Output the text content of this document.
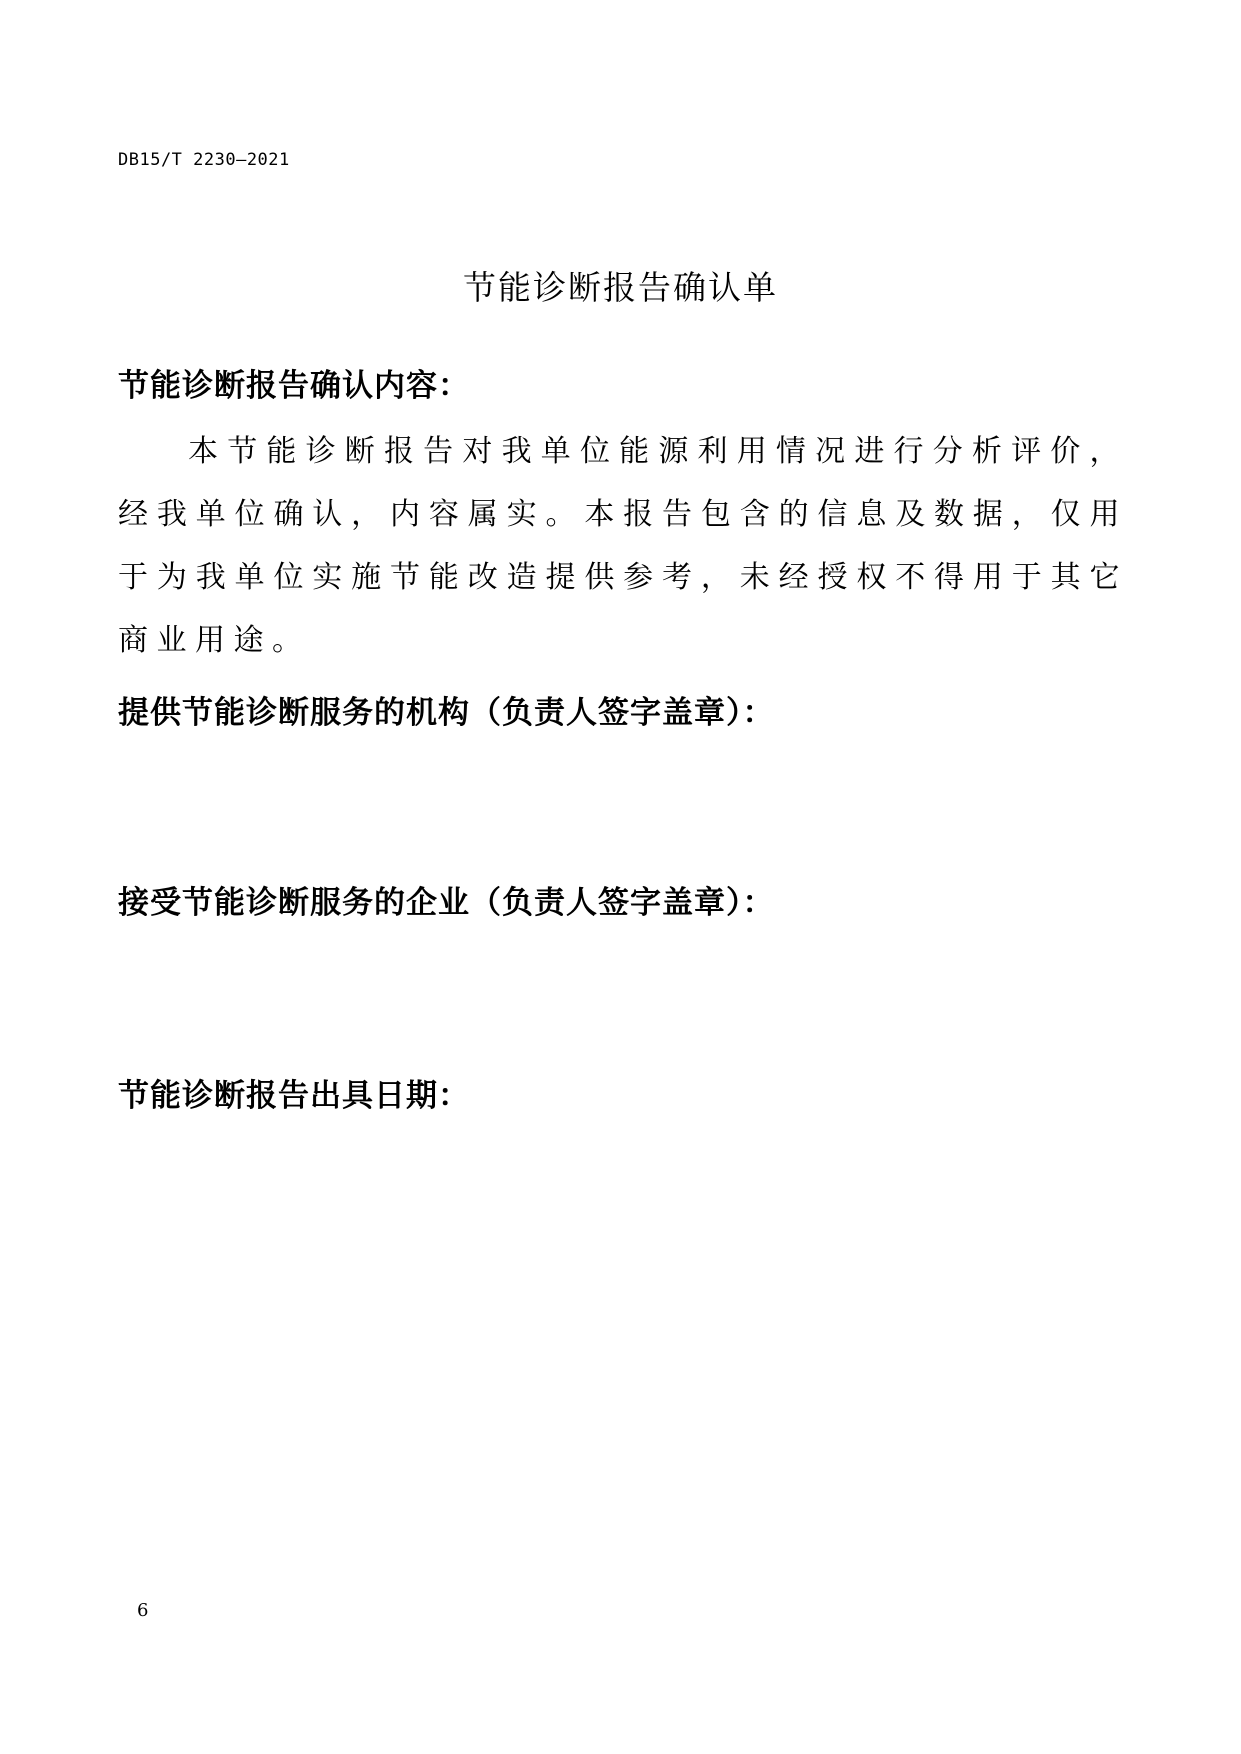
DB15/T 2230—2021
节能诊断报告确认单
节能诊断报告确认内容：
本节能诊断报告对我单位能源利用情况进行分析评价，经我单位确认，内容属实。本报告包含的信息及数据，仅用于为我单位实施节能改造提供参考，未经授权不得用于其它商业用途。
提供节能诊断服务的机构（负责人签字盖章）：
接受节能诊断服务的企业（负责人签字盖章）：
节能诊断报告出具日期：
6
